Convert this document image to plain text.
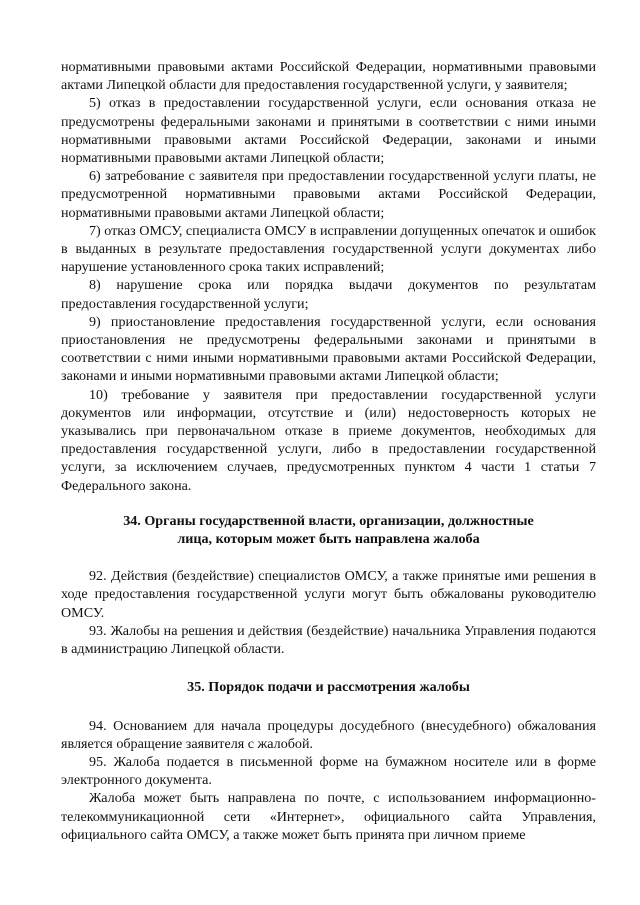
нормативными правовыми актами Российской Федерации, нормативными правовыми актами Липецкой области для предоставления государственной услуги, у заявителя;

5) отказ в предоставлении государственной услуги, если основания отказа не предусмотрены федеральными законами и принятыми в соответствии с ними иными нормативными правовыми актами Российской Федерации, законами и иными нормативными правовыми актами Липецкой области;

6) затребование с заявителя при предоставлении государственной услуги платы, не предусмотренной нормативными правовыми актами Российской Федерации, нормативными правовыми актами Липецкой области;

7) отказ ОМСУ, специалиста ОМСУ в исправлении допущенных опечаток и ошибок в выданных в результате предоставления государственной услуги документах либо нарушение установленного срока таких исправлений;

8) нарушение срока или порядка выдачи документов по результатам предоставления государственной услуги;

9) приостановление предоставления государственной услуги, если основания приостановления не предусмотрены федеральными законами и принятыми в соответствии с ними иными нормативными правовыми актами Российской Федерации, законами и иными нормативными правовыми актами Липецкой области;

10) требование у заявителя при предоставлении государственной услуги документов или информации, отсутствие и (или) недостоверность которых не указывались при первоначальном отказе в приеме документов, необходимых для предоставления государственной услуги, либо в предоставлении государственной услуги, за исключением случаев, предусмотренных пунктом 4 части 1 статьи 7 Федерального закона.

34. Органы государственной власти, организации, должностные
лица, которым может быть направлена жалоба

92. Действия (бездействие) специалистов ОМСУ, а также принятые ими решения в ходе предоставления государственной услуги могут быть обжалованы руководителю ОМСУ.

93. Жалобы на решения и действия (бездействие) начальника Управления подаются в администрацию Липецкой области.

35. Порядок подачи и рассмотрения жалобы

94. Основанием для начала процедуры досудебного (внесудебного) обжалования является обращение заявителя с жалобой.

95. Жалоба подается в письменной форме на бумажном носителе или в форме электронного документа.

Жалоба может быть направлена по почте, с использованием информационно-телекоммуникационной сети «Интернет», официального сайта Управления, официального сайта ОМСУ, а также может быть принята при личном приеме
